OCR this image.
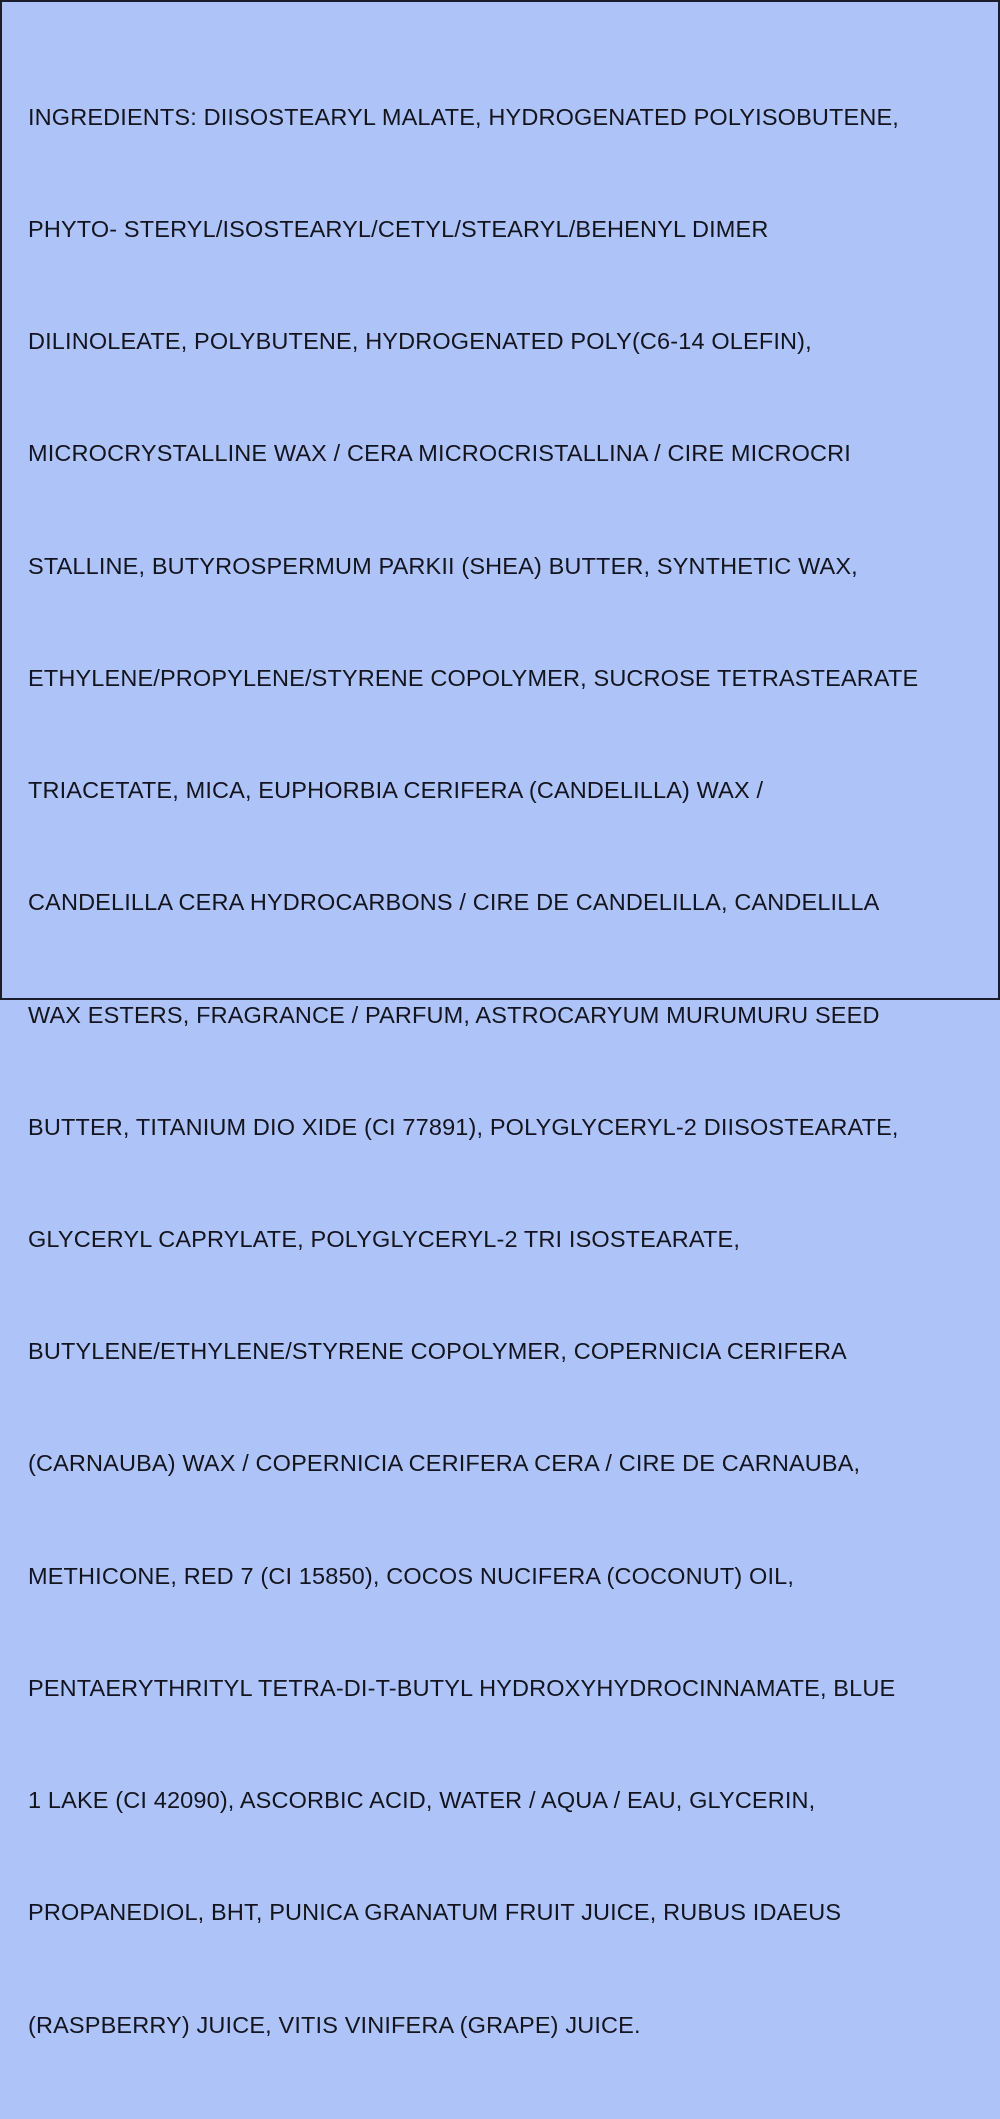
INGREDIENTS: DIISOSTEARYL MALATE, HYDROGENATED POLYISOBUTENE,

PHYTO- STERYL/ISOSTEARYL/CETYL/STEARYL/BEHENYL DIMER

DILINOLEATE, POLYBUTENE, HYDROGENATED POLY(C6-14 OLEFIN),

MICROCRYSTALLINE WAX / CERA MICROCRISTALLINA / CIRE MICROCRI

STALLINE, BUTYROSPERMUM PARKII (SHEA) BUTTER, SYNTHETIC WAX,

ETHYLENE/PROPYLENE/STYRENE COPOLYMER, SUCROSE TETRASTEARATE

TRIACETATE, MICA, EUPHORBIA CERIFERA (CANDELILLA) WAX /

CANDELILLA CERA HYDROCARBONS / CIRE DE CANDELILLA, CANDELILLA

WAX ESTERS, FRAGRANCE / PARFUM, ASTROCARYUM MURUMURU SEED

BUTTER, TITANIUM DIO XIDE (CI 77891), POLYGLYCERYL-2 DIISOSTEARATE,

GLYCERYL CAPRYLATE, POLYGLYCERYL-2 TRI ISOSTEARATE,

BUTYLENE/ETHYLENE/STYRENE COPOLYMER, COPERNICIA CERIFERA

(CARNAUBA) WAX / COPERNICIA CERIFERA CERA / CIRE DE CARNAUBA,

METHICONE, RED 7 (CI 15850), COCOS NUCIFERA (COCONUT) OIL,

PENTAERYTHRITYL TETRA-DI-T-BUTYL HYDROXYHYDROCINNAMATE, BLUE

1 LAKE (CI 42090), ASCORBIC ACID, WATER / AQUA / EAU, GLYCERIN,

PROPANEDIOL, BHT, PUNICA GRANATUM FRUIT JUICE, RUBUS IDAEUS

(RASPBERRY) JUICE, VITIS VINIFERA (GRAPE) JUICE.
